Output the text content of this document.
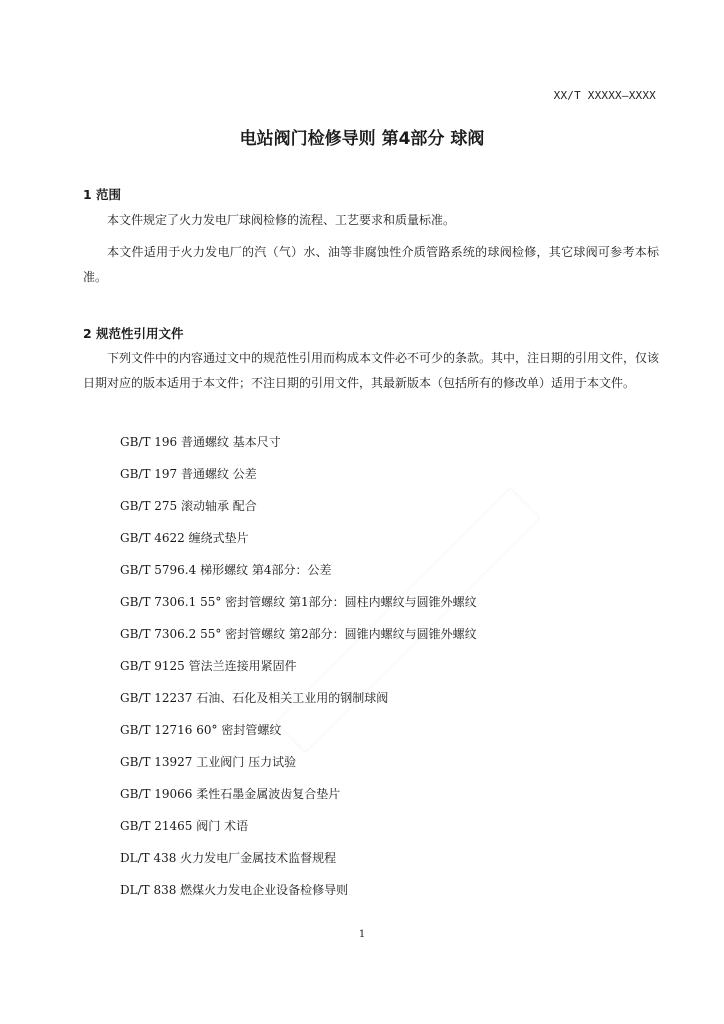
XX/T XXXXX—XXXX
电站阀门检修导则 第4部分 球阀
1 范围

本文件规定了火力发电厂球阀检修的流程、工艺要求和质量标准。

本文件适用于火力发电厂的汽（气）水、油等非腐蚀性介质管路系统的球阀检修，其它球阀可参考本标准。

2 规范性引用文件

下列文件中的内容通过文中的规范性引用而构成本文件必不可少的条款。其中，注日期的引用文件，仅该日期对应的版本适用于本文件；不注日期的引用文件，其最新版本（包括所有的修改单）适用于本文件。

GB/T 196 普通螺纹 基本尺寸
GB/T 197 普通螺纹 公差
GB/T 275 滚动轴承 配合
GB/T 4622 缠绕式垫片
GB/T 5796.4 梯形螺纹 第4部分：公差
GB/T 7306.1 55° 密封管螺纹 第1部分：圆柱内螺纹与圆锥外螺纹
GB/T 7306.2 55° 密封管螺纹 第2部分：圆锥内螺纹与圆锥外螺纹
GB/T 9125 管法兰连接用紧固件
GB/T 12237 石油、石化及相关工业用的钢制球阀
GB/T 12716 60° 密封管螺纹
GB/T 13927 工业阀门 压力试验
GB/T 19066 柔性石墨金属波齿复合垫片
GB/T 21465 阀门 术语
DL/T 438 火力发电厂金属技术监督规程
DL/T 838 燃煤火力发电企业设备检修导则
1
